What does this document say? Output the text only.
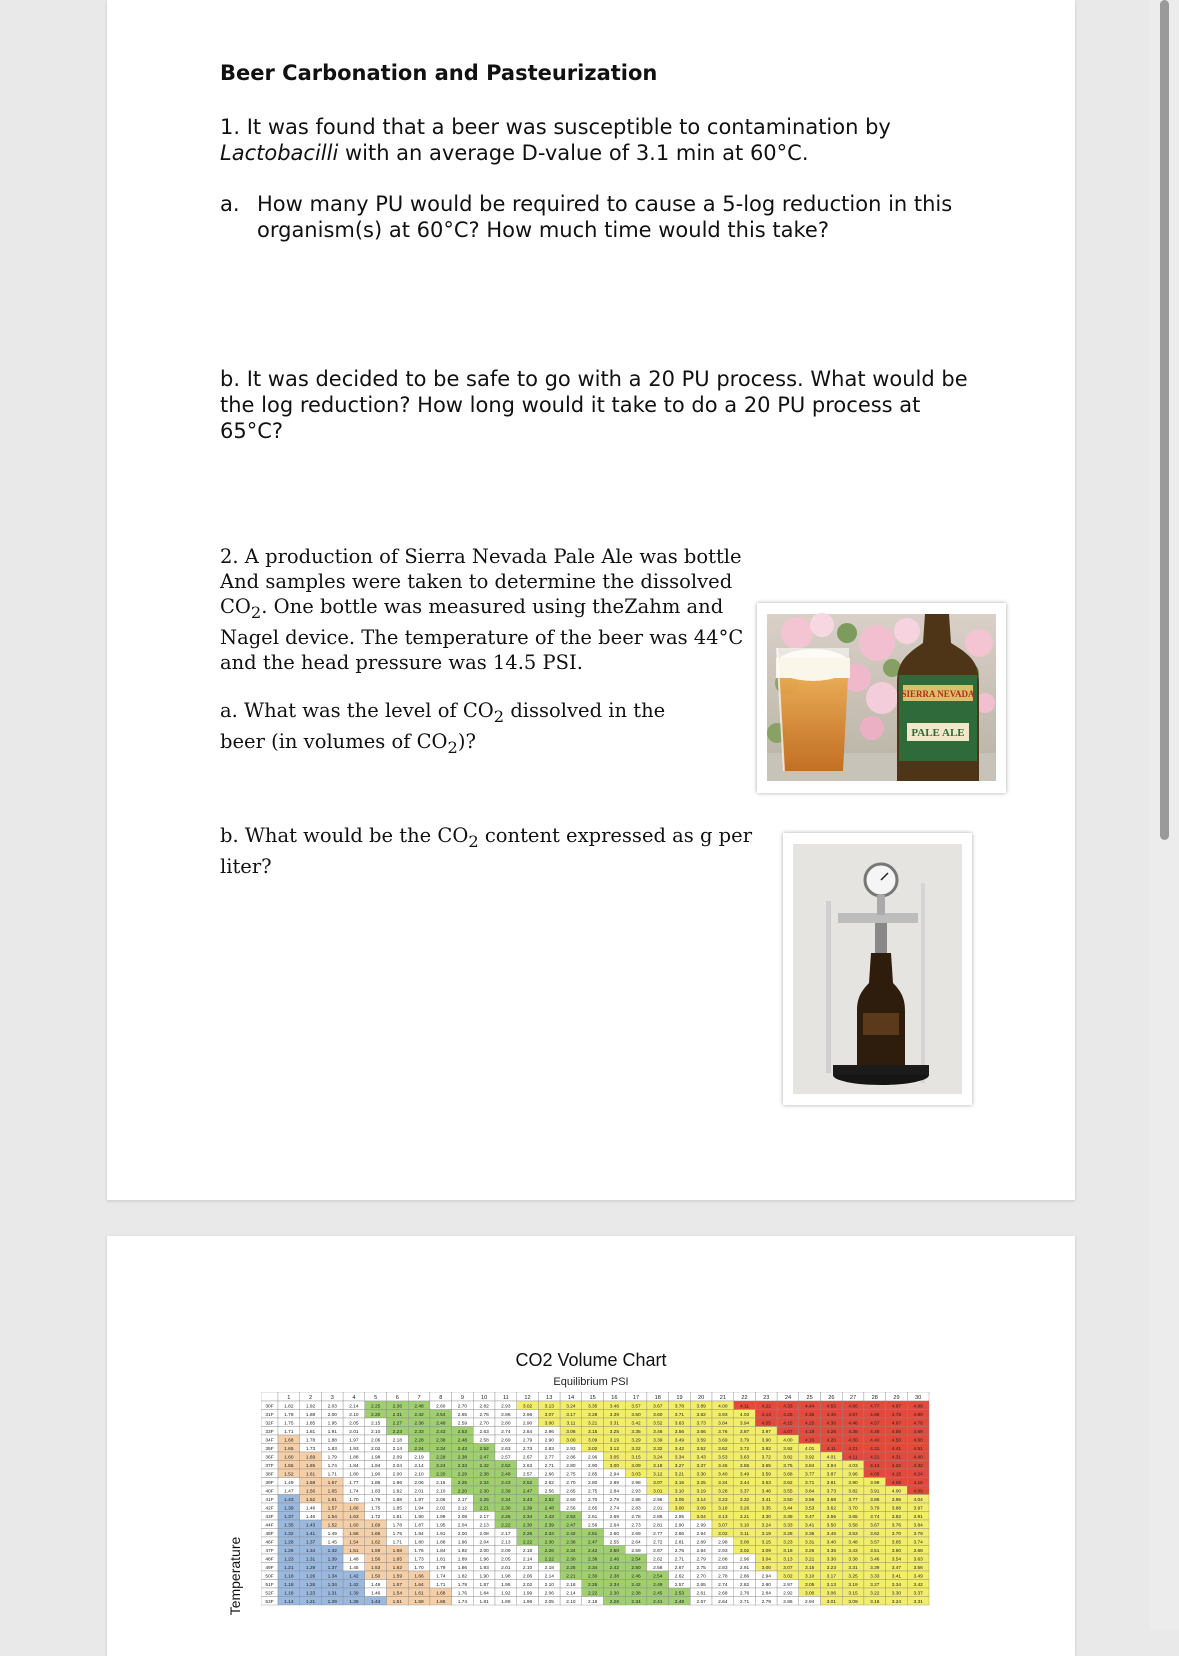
Beer Carbonation and Pasteurization

1. It was found that a beer was susceptible to contamination by Lactobacilli with an average D-value of 3.1 min at 60°C.

a. How many PU would be required to cause a 5-log reduction in this organism(s) at 60°C? How much time would this take?

b. It was decided to be safe to go with a 20 PU process. What would be the log reduction? How long would it take to do a 20 PU process at 65°C?

2. A production of Sierra Nevada Pale Ale was bottle And samples were taken to determine the dissolved $CO_2$. One bottle was measured using theZahm and Nagel device. The temperature of the beer was 44°C and the head pressure was 14.5 PSI.

a. What was the level of $CO_2$ dissolved in the beer (in volumes of $CO_2$)?

b. What would be the $CO_2$ content expressed as g per liter?

SIERRA NEVADA
PALE ALE
CO2 Volume Chart
Equilibrium PSI
Temperature
1	2	3	4	5	6	7	8	9	10	11	12	13	14	15	16	17	18	19	20	21	22	23	24	25	26	27	28	29	30
30F 1.82	1.92	2.03	2.14	2.25	2.36	2.48	2.60	2.70	2.82	2.93	3.02	3.13	3.24	3.35	3.46	3.57	3.67	3.78	3.89	4.00	4.11	4.22	4.33	4.44	4.55	4.66	4.77	4.87	4.98
31F 1.78	1.88	2.00	2.10	2.20	2.31	2.42	2.54	2.65	2.76	2.86	2.96	3.07	3.17	3.28	3.39	3.50	3.60	3.71	3.82	3.93	4.03	4.14	4.25	4.35	4.46	4.57	4.68	4.78	4.89
32F 1.75	1.85	1.95	2.05	2.15	2.27	2.38	2.48	2.59	2.70	2.80	2.90	3.00	3.11	3.21	3.31	3.42	3.52	3.63	3.73	3.84	3.94	4.05	4.15	4.25	4.36	4.46	4.57	4.67	4.78
33F 1.71	1.81	1.91	2.01	2.10	2.23	2.33	2.43	2.53	2.63	2.74	2.84	2.96	3.06	3.15	3.25	3.35	3.46	3.56	3.66	3.76	3.87	3.97	4.07	4.18	4.28	4.38	4.48	4.59	4.69
34F 1.68	1.78	1.88	1.97	2.06	2.18	2.28	2.38	2.48	2.58	2.69	2.79	2.90	3.00	3.09	3.19	3.29	3.39	3.49	3.59	3.69	3.79	3.90	4.00	4.10	4.20	4.30	4.40	4.50	4.60
35F 1.65	1.73	1.83	1.93	2.02	2.14	2.24	2.34	2.43	2.52	2.63	2.73	2.83	2.93	3.02	3.12	3.22	3.32	3.42	3.52	3.62	3.72	3.82	3.92	4.01	4.11	4.21	4.31	4.41	4.51
36F 1.60	1.69	1.79	1.88	1.98	2.09	2.19	2.29	2.38	2.47	2.57	2.67	2.77	2.86	2.96	3.05	3.15	3.24	3.34	3.43	3.53	3.63	3.72	3.82	3.92	4.01	4.11	4.21	4.31	4.40
37F 1.55	1.65	1.74	1.84	1.94	2.04	2.14	2.24	2.33	2.42	2.52	2.63	2.71	2.80	2.90	3.00	3.09	3.18	3.27	3.37	3.46	3.56	3.65	3.75	3.84	3.94	4.03	4.13	4.22	4.32
38F 1.52	1.61	1.71	1.80	1.90	2.00	2.10	2.20	2.29	2.38	2.48	2.57	2.66	2.75	2.85	2.94	3.03	3.12	3.21	3.30	3.40	3.49	3.59	3.68	3.77	3.87	3.96	4.06	4.15	4.24
39F 1.49	1.58	1.67	1.77	1.86	1.96	2.06	2.15	2.25	2.34	2.43	2.52	2.62	2.70	2.80	2.89	2.98	3.07	3.16	3.25	3.34	3.44	3.53	3.62	3.71	3.81	3.90	3.99	4.08	4.16
40F 1.47	1.56	1.65	1.74	1.83	1.92	2.01	2.10	2.20	2.30	2.39	2.47	2.56	2.65	2.75	2.84	2.93	3.01	3.10	3.19	3.28	3.37	3.46	3.55	3.64	3.73	3.82	3.91	4.00	4.09
41F 1.43	1.52	1.61	1.70	1.79	1.88	1.97	2.06	2.17	2.25	2.34	2.43	2.52	2.60	2.70	2.79	2.88	2.96	3.05	3.14	3.23	3.32	3.41	3.50	3.59	3.68	3.77	3.86	3.95	4.04
42F 1.39	1.48	1.57	1.66	1.75	1.85	1.94	2.02	2.12	2.21	2.30	2.39	2.48	2.56	2.65	2.74	2.83	2.91	3.00	3.09	3.18	3.26	3.35	3.44	3.53	3.62	3.70	3.79	3.88	3.97
43F 1.37	1.46	1.54	1.63	1.72	1.81	1.90	1.99	2.08	2.17	2.26	2.34	2.43	2.52	2.61	2.69	2.78	2.86	2.95	3.04	3.13	3.21	3.30	3.39	3.47	3.56	3.65	3.74	3.82	3.91
44F 1.35	1.43	1.52	1.60	1.69	1.78	1.87	1.95	2.04	2.13	2.22	2.30	2.39	2.47	2.56	2.64	2.73	2.81	2.90	2.99	3.07	3.10	3.24	3.33	3.41	3.50	3.58	3.67	3.76	3.84
45F 1.32	1.41	1.49	1.58	1.66	1.75	1.84	1.91	2.00	2.08	2.17	2.26	2.34	2.42	2.51	2.60	2.69	2.77	2.86	2.94	3.02	3.11	3.19	3.28	3.36	3.45	3.53	3.62	3.70	3.79
46F 1.28	1.37	1.45	1.54	1.62	1.71	1.80	1.88	1.96	2.04	2.13	2.22	2.30	2.38	2.47	2.55	2.64	2.72	2.81	2.89	2.98	3.06	3.15	3.23	3.31	3.40	3.48	3.57	3.65	3.74
47F 1.26	1.34	1.42	1.51	1.59	1.68	1.76	1.84	1.92	2.00	2.09	2.18	2.26	2.34	2.42	2.50	2.59	2.67	2.76	2.84	2.93	3.02	3.09	3.18	3.26	3.35	3.43	3.51	3.60	3.68
48F 1.23	1.31	1.39	1.48	1.56	1.65	1.73	1.81	1.89	1.96	2.05	2.14	2.22	2.30	2.38	2.46	2.54	2.62	2.71	2.79	2.88	2.96	3.04	3.13	3.21	3.30	3.38	3.46	3.54	3.63
49F 1.21	1.29	1.37	1.45	1.53	1.62	1.70	1.79	1.86	1.93	2.01	2.10	2.18	2.25	2.34	2.42	2.50	2.58	2.67	2.75	2.83	2.91	3.00	3.07	3.15	3.23	3.31	3.39	3.47	3.56
50F 1.18	1.26	1.34	1.42	1.50	1.59	1.66	1.74	1.82	1.90	1.98	2.06	2.14	2.21	2.30	2.38	2.46	2.54	2.62	2.70	2.78	2.86	2.94	3.02	3.10	3.17	3.25	3.33	3.41	3.49
51F 1.18	1.26	1.34	1.42	1.49	1.57	1.64	1.71	1.79	1.87	1.95	2.02	2.10	2.18	2.26	2.34	2.42	2.49	2.57	2.65	2.74	2.82	2.90	2.97	3.05	3.13	3.19	3.27	3.34	3.42
52F 1.16	1.23	1.31	1.39	1.46	1.54	1.61	1.68	1.76	1.84	1.92	1.99	2.06	2.14	2.22	2.30	2.38	2.45	2.53	2.61	2.68	2.76	2.84	2.92	3.00	3.06	3.15	3.22	3.30	3.37
53F 1.14	1.21	1.29	1.36	1.44	1.51	1.59	1.66	1.74	1.81	1.89	1.96	2.05	2.10	2.18	2.26	2.34	2.41	2.49	2.57	2.64	2.71	2.79	2.86	2.94	3.01	3.09	3.16	3.24	3.31
